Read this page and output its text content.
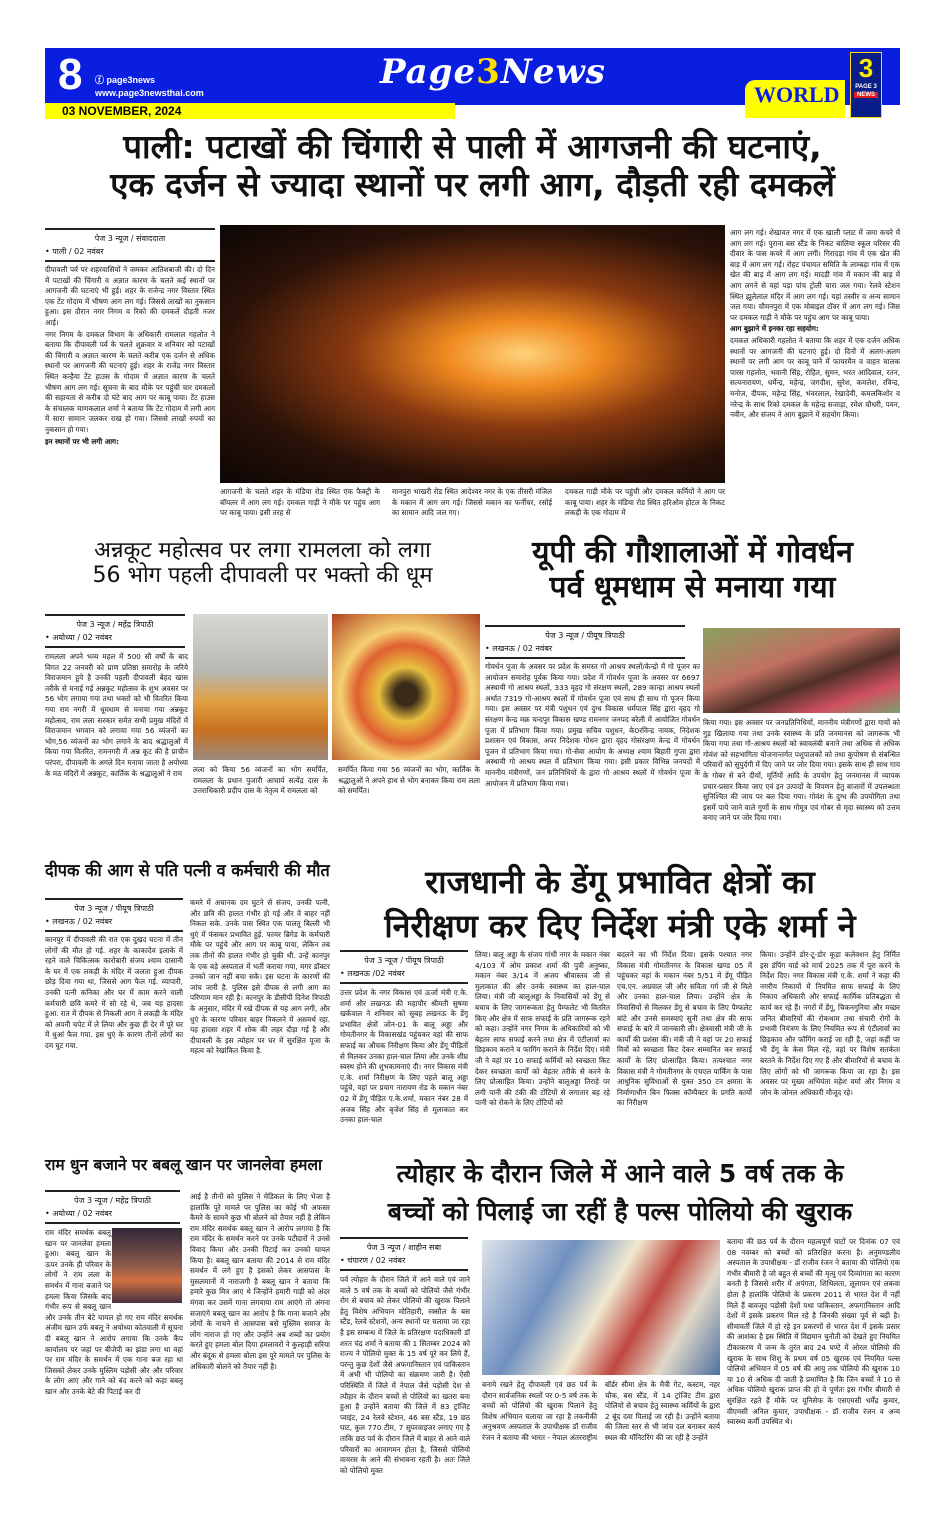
8 ⓕ page3news
www.page3newsthai.com
03 NOVEMBER, 2024
Page3News
WORLD
3
PAGE 3
NEWS
पाली: पटाखों की चिंगारी से पाली में आगजनी की घटनाएं,
एक दर्जन से ज्यादा स्थानों पर लगी आग, दौड़ती रही दमकलें
पेज 3 न्यूज / संवाददाता
• पाली / 02 नवंबर

दीपावली पर्व पर शहरवासियों ने जमकर आतिशबाजी की। दो दिन में पटाखों की चिंगारी व अज्ञात कारण के चलते कई स्थानों पर आगजनी की घटनाएं भी हुई। शहर के राजेन्द्र नगर विस्तार स्थित एक टेंट गोदाम में भीषण आग लग गई। जिससे लाखों का नुकसान हुआ। इस दौरान नगर निगम व रिको की दमकलें दौड़ती नजर आई।

नगर निगम के दमकल विभाग के अधिकारी रामलाल गहलोत ने बताया कि दीपावली पर्व के चलते शुक्रवार व शनिवार को पटाखों की चिंगारी व अज्ञात कारण के चलते करीब एक दर्जन से अधिक स्थानों पर आगजनी की घटनाएं हुई। शहर के राजेंद्र नगर विस्तार स्थित कन्हैया टेंट हाउस के गोदाम में अज्ञात कारण के चलते भीषण आग लग गई। सूचना के बाद मौके पर पहुंची चार दमकलों की सहायता से करीब दो घंटे बाद आग पर काबू पाया। टेंट हाउस के संचालक माणकलाल शर्मा ने बताया कि टेंट गोदाम में लगी आग में सारा सामान जलकर राख हो गया। जिससे लाखों रुपयों का नुकसान हो गया।

इन स्थानों पर भी लगी आग:

आगजनी के चलते शहर के मंडिया रोड स्थित एक फैक्ट्री के बॉयलर में आग लग गई। दमकल गाड़ी ने मौके पर पहुंच आग पर काबू पाया। इसी तरह से
मानपुरा भाखरी रोड स्थित आदेश्वर नगर के एक तीसरी मंजिल के मकान में आग लग गई। जिससे मकान का फर्नीचर, रसोई का सामान आदि जल गए।
दमकल गाड़ी मौके पर पहुंची और दमकल कर्मियों ने आग पर काबू पाया। शहर के मंडिया रोड स्थित हरिओम होटल के निकट लकड़ी के एक गोदाम में

आग लग गई। शेखावत नगर में एक खाली प्लाट में जमा कचरे में आग लग गई। पुराना बस स्टैंड के निकट बालिया स्कूल परिसर की दीवार के पास कचरे में आग लगी। गिरादड़ा गांव में एक खेत की बाड़ में आग लग गई। रोहट पंचायत समिति के लाम्बड़ा गांव में एक खेत की बाड़ में आग लग गई। मादड़ी गांव में मकान की बाड़ में आग लगने से वहां पड़ा पांच ट्रोली चारा जल गया। रेलवे स्टेशन स्थित झूलेलाल मंदिर में आग लग गई। यहां तस्वीर व अन्य सामान जल गया। चौमनपुरा में एक मोबाइल टॉवर में आग लग गई। जिस पर दमकल गाड़ी ने मौके पर पहुंच आग पर काबू पाया।

आग बुझाने में इनका रहा सहयोग:

दमकल अधिकारी गहलोत ने बताया कि शहर में एक दर्जन अधिक स्थानों पर आगजनी की घटनाएं हुई। दो दिनों में अलग-अलग स्थानों पर लगी आग पर काबू पाने में फायरमैन व वाहन चालक पारस गहलोत, भवानी सिंह, रोहित, सुमन, भरत आदिवाल, रतन, सत्यनारायण, धर्मेन्द्र, महेन्द्र, जगदीश, सुरेश, कमलेश, रविन्द्र, मनोज, दीपक, महेन्द्र सिंह, भंवरलाल, रेखादेवी, कमलकिशोर व नरेन्द्र के साथ रिको दमकल के महेन्द्र सजाड़ा, रमेश चौधरी, पवन, नवीन, और संजय ने आग बुझाने में सहयोग किया।

अन्नकूट महोत्सव पर लगा रामलला को लगा
56 भोग पहली दीपावली पर भक्तो की धूम
पेज 3 न्यूज / महेंद्र त्रिपाठी
• अयोध्या / 02 नवंबर
रामलला अपने भव्य महल में 500 सौ वर्षों के बाद विगत 22 जनवरी को प्राण प्रतिष्ठा समारोह के जरिये विराजमान हुये है उनकी पहली दीपावली बेहद खास तरीके से मनाई गई अन्नकूट महोत्सव के शुभ अवसर पर 56 भोग लगाया गया तथा भक्तो को भी वितरित किया गया राम नगरी में धूमधाम से मनाया गया अन्नकूट महोत्सव, राम लला सरकार समेत सभी प्रमुख मंदिरों में विराजमान भगवान को लगाया गया 56 व्यंजनों का भोग,56 व्यंजनों का भोग लगाने के बाद श्रद्धालुओं में किया गया वितरित, रामनगरी में अन्न कूट की है प्राचीन परंपरा, दीपावली के अगले दिन मनाया जाता है अयोध्या के मठ मंदिरों में अन्नकूट, कार्तिक के श्रद्धालुओं ने राम	लला को किया 56 व्यंजनों का भोग समर्पित, रामलला के प्रधान पुजारी आचार्य सत्येंद्र दास के उत्तराधिकारी प्रदीप दास के नेतृत्व में रामलला को
समर्पित किया गया 56 व्यंजनों का भोग, कार्तिक के श्रद्धालुओं ने अपने हाथ से भोग बनाकर किया राम लला को समर्पित।
यूपी की गौशालाओं में गोवर्धन
पर्व धूमधाम से मनाया गया
पेज 3 न्यूज / पीयूष त्रिपाठी
• लखनऊ / 02 नवंबर
गोवर्धन पूजा के अवसर पर प्रदेश के समस्त गो आश्रय स्थलों/केन्द्रो में गो पूजन का आयोजन समारोह पूर्वक किया गया। प्रदेश में गोवर्धन पूजा के अवसर पर 6697 अस्थायी गो आश्रय स्थलों, 333 वृहद गो संरक्षण स्थलों, 289 कान्हा आश्रय स्थलों अर्थात 7319 गो-आश्रय स्थलों में गोवर्धन पूजा एवं साथ ही साथ गो पूजन किया गया। इस अवसर पर मंत्री पशुधन एवं दुग्ध विकास धर्मपाल सिंह द्वारा वृहद गो संरक्षण केन्द्र मक्र चन्दपुर विकास खण्ड रामनगर जनपद बरेली में आयोजित गोवर्धन पूजा में प्रतिभाग किया गया। प्रमुख सचिव पशुधन, के0रविन्द्र नायक, निदेशक प्रशासन एवं विकास, अपर निदेशक गोधन द्वारा वृहद गोसंरक्षण केन्द्र में गोवर्धन पूजन में प्रतिभाग किया गया। गो-सेवा आयोग के अध्यक्ष श्याम बिहारी गुप्ता द्वारा अस्थायी गो आश्रय स्थल में प्रतिभाग किया गया। इसी प्रकार विभिन्न जनपदों में माननीय मंत्रीगणों, जन प्रतिनिधियों के द्वारा गो आश्रय स्थलों में गोवर्धन पूजा के आयोजन में प्रतिभाग किया गया।
किया गया। इस अवसर पर जनप्रतिनिधियों, माननीय मंत्रीगणों द्वारा गायों को गुड़ खिलाया गया तथा उनके स्वास्थ्य के प्रति जनमानस को जागरूक भी किया गया तथा गो-आश्रय स्थलों को स्वावलंबी बनाने तथा अधिक से अधिक गोवंश को सहभागिता योजनान्तर्गत पशुपालकों को तथा कुपोषण से संबन्धित परिवारों को सुपुर्दगी में दिए जाने पर जोर दिया गया। इसके साथ ही साथ गाय के गोबर से बने दीयों, मूर्तियों आदि के उपयोग हेतु जनमानस में व्यापक प्रचार-प्रसार किया जाए एवं इन उत्पादों के विपणन हेतु बाजारों में उपलब्धता सुनिश्चित की जाय पर बल दिया गया। गोवंश के दुग्ध की उपयोगिता तथा इसमें पाये जाने वाले गुणों के साथ गोमूत्र एवं गोबर से मृदा स्वास्थ्य को उत्तम बनाए जाने पर जोर दिया गया।
दीपक की आग से पति पत्नी व कर्मचारी की मौत
पेज 3 न्यूज / पीयूष त्रिपाठी
• लखनऊ / 02 नवंबर
कानपुर में दीपावली की रात एक दुखद घटना में तीन लोगों की मौत हो गई. शहर के काकादेव इलाके में रहने वाले चिकित्सक कारोबारी संजय श्याम दासानी के घर में एक लकड़ी के मंदिर में जलता हुआ दीपक छोड़ दिया गया था, जिससे आग फैल गई. व्यापारी, उनकी पत्नी कनिका और घर में काम करने वाली कर्मचारी छवि कमरे में सो रहे थे, जब यह हादसा हुआ. रात में दीपक से निकली आग ने लकड़ी के मंदिर को अपनी चपेट में ले लिया और कुछ ही देर में पूरे घर में धुआं फैल गया. इस धुएं के कारण तीनों लोगों का दम घुट गया.
कमरे में अचानक दम घुटने से संजय, उनकी पत्नी, और छवि की हालत गंभीर हो गई और वे बाहर नहीं निकल सके. उनके पास स्थित एक पालतू बिल्ली भी धुएं में फंसकर प्रभावित हुई. फायर ब्रिगेड के कर्मचारी मौके पर पहुंचे और आग पर काबू पाया, लेकिन तब तक तीनों की हालत गंभीर हो चुकी थी. उन्हें कानपुर के एक बड़े अस्पताल में भर्ती कराया गया, मगर डॉक्टर उनको जान नहीं बचा सके। इस घटना के कारणों की जांच जारी है. पुलिस इसे दीपक से लगी आग का परिणाम मान रही है। कानपुर के डीसीपी दिनेश त्रिपाठी के अनुसार, मंदिर में रखे दीपक से यह आग लगी, और धुएं के कारण परिवार बाहर निकलने में असमर्थ रहा. यह हादसा शहर में शोक की लहर दौड़ा गई है और दीपावली के इस त्योहार पर घर में सुरक्षित पूजा के महत्व को रेखांकित किया है.
राजधानी के डेंगू प्रभावित क्षेत्रों का
निरीक्षण कर दिए निर्देश मंत्री एके शर्मा ने
पेज 3 न्यूज / पीयूष त्रिपाठी
• लखनऊ /02 नवंबर
उत्तर प्रदेश के नगर विकास एवं ऊर्जा मंत्री ए.के. शर्मा और लखनऊ की महापौर श्रीमती सुषमा खर्कवाल ने शनिवार को सुबह लखनऊ के डेंगू प्रभावित क्षेत्रों जोन-01 के बालू अड्डा और गोमतीनगर के विकासखंड पहुंचकर वहां की साफ सफाई का औचक निरीक्षण किया और डेंगू पीड़ितों से मिलकर उनका हाल-चाल लिया और उनके शीघ्र स्वस्थ होने की शुभकामनाएं दी। नगर विकास मंत्री ए.के. शर्मा निरीक्षण के लिए पहले बालू अड्डा पहुंचे, वहां पर प्रयाग नारायण रोड के मकान नंबर 02 में डेंगू पीड़ित ए.के.शर्मा, मकान नंबर 28 में अजब सिंह और बृजेश सिंह से मुलाकात कर उनका हाल-चाल
लिया। बालू अड्डा के संजय गांधी नगर के मकान नंबर 4/103 में ओम प्रकाश शर्मा की पुत्री अनुष्का, मकान नंबर 3/14 में अजय श्रीवास्तव जी से मुलाकात की और उनके स्वास्थ्य का हाल-चाल लिया। मंत्री जी बालूअड्डा के निवासियों को डेंगू से बचाव के लिए जागरूकता हेतु पैम्फलेट भी वितरित किए और क्षेत्र में साफ सफाई के प्रति जागरूक रहने को कहा। उन्होंने नगर निगम के अधिकारियों को भी बेहतर साफ सफाई करने तथा क्षेत्र में एंटीलार्वा का छिड़काव कराने व फागिंग कराने के निर्देश दिए। मंत्री जी ने वहां पर 10 सफाई कर्मियों को स्वच्छता किट देकर स्वच्छता कार्यों को बेहतर तरीके से करने के लिए प्रोत्साहित किया। उन्होंने बालूअड्डा तिराहे पर लगी पानी की टंकी की टोंटियों से लगातार बह रहे पानी को रोकने के लिए टोंटियों को
बदलने का भी निर्देश दिया। इसके पश्चात नगर विकास मंत्री गोमतीनगर के विकास खण्ड 05 में पहुंचकर वहां के मकान नंबर 5/51 में डेंगू पीड़ित एच.एन. अग्रवाल जी और सविता गर्ग जी से मिले और उनका हाल-चाल लिया। उन्होंने क्षेत्र के निवासियों से मिलकर डेंगू से बचाव के लिए पैम्फलेट बांटे और उनसे समस्याएं सुनी तथा क्षेत्र की साफ सफाई के बारे में जानकारी ली। क्षेत्रवासी मंत्री जी के कार्यों की प्रशंसा की। मंत्री जी ने वहां पर 20 सफाई मित्रों को स्वच्छता किट देकर सम्मानित कर सफाई कार्यों के लिए प्रोत्साहित किया। तत्पश्चात नगर विकास मंत्री ने गोमतीनगर के एचएल पार्किंग के पास आधुनिक सुविधाओं से युक्त 350 टन क्षमता के निर्माणाधीन बिन फिक्स कॉम्पैक्टर के प्रगति कार्यों का निरीक्षण
किया। उन्होंने डोर-टू-डोर कूड़ा कलेक्शन हेतु निर्मित इस डंपिंग यार्ड को मार्च 2025 तक में पूरा करने के निर्देश दिए। नगर विकास मंत्री ए.के. शर्मा ने कहा की नगरीय निकायों में नियमित साफ सफाई के लिए निकाय अधिकारी और सफाई कार्मिक प्रतिबद्धता से कार्य कर रहे हैं। नगरों में डेंगू, चिकनगुनिया और मच्छर जनित बीमारियों की रोकथाम तथा संचारी रोगों के प्रभावी नियंत्रण के लिए नियमित रूप से एंटीलार्वा का छिड़काव और फॉगिंग कराई जा रही है, जहां कहीं पर भी डेंगू के केस मिल रहे, वहां पर विशेष सतर्कता बरतने के निर्देश दिए गए हैं और बीमारियों से बचाव के लिए लोगों को भी जागरूक किया जा रहा है। इस अवसर पर मुख्य अभियंता महेश वर्मा और निगम व जोन के जोनल अधिकारी मौजूद रहे।
राम धुन बजाने पर बबलू खान पर जानलेवा हमला
पेज 3 न्यूज / महेंद्र त्रिपाठी
• अयोध्या / 02 नवंबर
राम मंदिर समर्थक बबलू खान पर जानलेवा हमला हुआ। बबलू खान के ऊपर उनके ही परिवार के लोगों ने राम लला के समर्थन में गाना बजाने पर हमला किया जिसके बाद गंभीर रूप से बबलू खान और उनके तीन बेटे घायल हो गए राम मंदिर समर्थक अंजीम खान उर्फ बबलू ने अयोध्या कोतवाली में सूचना दी बबलू खान ने आरोप लगाया कि उनके कैंप कार्यालय पर जहां पर बीजेपी का झंडा लगा था वहां पर राम मंदिर के समर्थन में एक गाना बज रहा था जिसको लेकर उनके मुस्लिम पड़ोसी और और परिवार के लोग आए और गाने को बंद करने को कहा बबलू खान और उनके बेटे की पिटाई कर दी
आई है तीनों को पुलिस ने मेडिकल के लिए भेजा है हालांकि पूरे मामले पर पुलिस का कोई भी अफसर कैमरे के सामने कुछ भी बोलने को तैयार नहीं है लेकिन राम मंदिर समर्थक बबलू खान ने आरोप लगाया है कि राम मंदिर के समर्थन करने पर उनके पटीदारों ने उनसे विवाद किया और उनकी पिटाई कर उनको घायल किया है। बबलू खान बताया की 2014 से राम मंदिर समर्थन में लगे हुए है इसको लेकर आसपास के मुसलमानों में नाराजगी है बबलू खान ने बताया कि हमारे कुछ मित्र आए थे जिन्होंने हमारी गाड़ी को अंदर मंगवा कर उसमें गाना लगवाया राम आएंगे तो अंगना सजाएंगे बबलू खान का आरोप है कि गाना बजाने और लोगों के नाचने से आसपास बसे मुस्लिम समाज के लोग नाराज हो गए और उन्होंने अब शब्दों का प्रयोग करते हुए हमला बोल दिया हमलावरों ने कुल्हाड़ी सरिया और बंदूक से हमला बोला इस पूरे मामले पर पुलिस के अधिकारी बोलने को तैयार नहीं है।
त्योहार के दौरान जिले में आने वाले 5 वर्ष तक के
बच्चों को पिलाई जा रहीं है पल्स पोलियो की खुराक
पेज 3 न्यूज / शाहीन सबा
• चंपारण / 02 नवंबर
पर्व त्योहार के दौरान जिले में आने वाले एवं जाने वाले 5 वर्ष तक के बच्चों को पोलियो जैसे गंभीर रोग से बचाव को लेकर पोलियो की खुराक पिलाने हेतु विशेष अभियान मोतिहारी, रक्सौल के बस स्टैंड, रेलवे स्टेशनों, अन्य स्थानों पर चलाया जा रहा है इस सम्बन्ध में जिले के प्रतिरक्षण पदाधिकारी डॉ शरत चंद्र शर्मा ने बताया की 1 सितम्बर 2024 को राज्य ने पोलियो मुक्त के 15 वर्ष पूरे कर लिये हैं, परन्तु कुछ देशों जैसे अफगानिस्तान एवं पाकिस्तान में अभी भी पोलियो का संक्रमण जारी है। ऐसी परिस्थिति में जिले में नेपाल जैसे पड़ोसी देश से त्यौहार के दौरान बच्चों से पोलियो का खतरा बना हुआ है उन्होंने बताया की जिले में 83 ट्रांजिट प्वाइंट, 24 रेलवे स्टेशन, 46 बस स्टैंड, 19 छठ घाट, कुल 770 टीम, 7 सुपरवाइजर लगाए गए है ताकि छठ पर्व के दौरान जिले में बाहर से आने वाले परिवारों का आवागमन होता है, जिससे पोलियो वायरस के आने की संभावना रहती है। अतः जिले को पोलियो मुक्त
बनाये रखने हेतु दीपावली एवं छठ पर्व के दौरान सार्वजनिक स्थलों पर 0-5 वर्ष तक के बच्चों को पोलियो की खुराक पिलाने हेतु विशेष अभियान चलाया जा रहा है तकनीकी अनुश्रवण अस्पताल के उपाधीक्षक डॉ राजीव रंजन ने बताया की भारत - नेपाल अंतरराष्ट्रीय बॉर्डर सीमा क्षेत्र के मैत्री गेट, कस्टम, नहर चौक, बस स्टैंड, में 14 ट्रांजिट टीम द्वारा पोलियो से बचाव हेतु स्वास्थ्य कर्मियों के द्वारा 2 बूंद दवा पिलाई जा रही है। उन्होंने बताया की जिला स्तर से भी जांच दल बनाकर कार्य स्थल की मॉनिटरिंग की जा रही है उन्होंने
बताया की छठ पर्व के दौरान महत्वपूर्ण घाटों पर दिनांक 07 एवं 08 नवम्बर को बच्चों को प्रतिरक्षित करना है। अनुमण्डलीय अस्पताल के उपाधीक्षक - डॉ राजीव रंजन ने बताया की पोलियो एक गंभीर बीमारी है जो बहुत से बच्चों की मृत्यु एवं दिव्यांगता का कारण बनती है जिससे शरीर में अपंगता, शिथिलता, लूलापन एवं लकवा होता है हालांकि पोलियो के प्रकरण 2011 से भारत देश में नहीं मिले हैं बावजूद पड़ोसी देशों यथा पाकिस्तान, अफगानिस्तान आदि देशों में इसके प्रकरण मिल रहे है जिनकी संख्या पूर्व से बढ़ी है। सीमावर्ती जिले में हो रहे इन प्रकरणों से भारत देश में इसके प्रसार की आशंका है इस स्थिति में विद्यमान चुनौती को देखते हुए नियमित टीकाकरण में जन्म के तुरंत बाद 24 घण्टे में ओरल पोलियो की खुराक के साथ शिशु के प्रथम वर्ष 05 खुराक एवं नियमित पल्स पोलियो अभियान में 05 वर्ष की आयु तक पोलियो की खुराक 10 या 10 से अधिक दी जाती है प्रमाणित है कि जिन बच्चों ने 10 से अधिक पोलियो खुराक प्राप्त की हो वे पूर्णतः इस गंभीर बीमारी से सुरक्षित रहते हैं मौके पर यूनिसेफ के एसएमसी धर्मेंद्र कुमार, वीएमसी अनिल कुमार, उपाधीक्षक - डॉ राजीव रंजन व अन्य स्वास्थ्य कर्मी उपस्थित थे।
